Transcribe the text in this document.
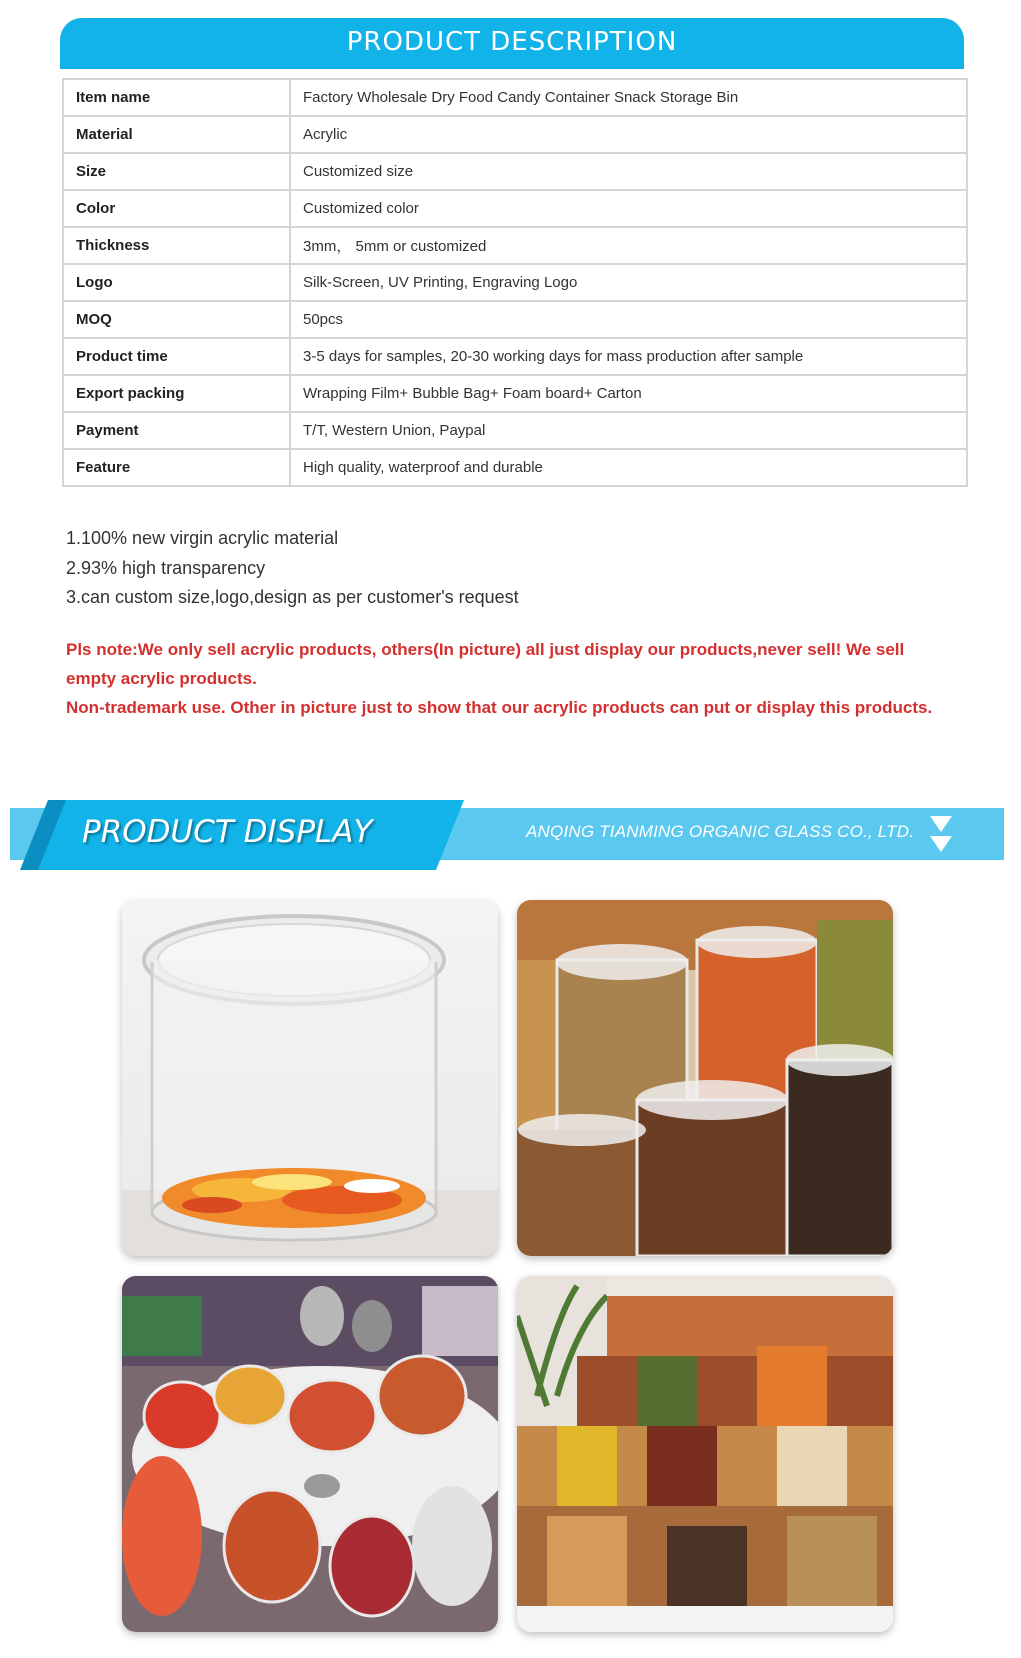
PRODUCT DESCRIPTION
Item name	Factory Wholesale Dry Food Candy Container Snack Storage Bin
Material	Acrylic
Size	Customized size
Color	Customized color
Thickness	3mm， 5mm or customized
Logo	Silk-Screen, UV Printing, Engraving Logo
MOQ	50pcs
Product time	3-5 days for samples, 20-30 working days for mass production after sample
Export packing	Wrapping Film+ Bubble Bag+ Foam board+ Carton
Payment	T/T, Western Union, Paypal
Feature	High quality, waterproof and durable
1.100% new virgin acrylic material
2.93% high transparency
3.can custom size,logo,design as per customer's request
Pls note:We only sell acrylic products, others(In picture) all just display our products,never sell! We sell empty acrylic products.
Non-trademark use. Other in picture just to show that our acrylic products can put or display this products.
PRODUCT DISPLAY	ANQING TIANMING ORGANIC GLASS CO., LTD.
